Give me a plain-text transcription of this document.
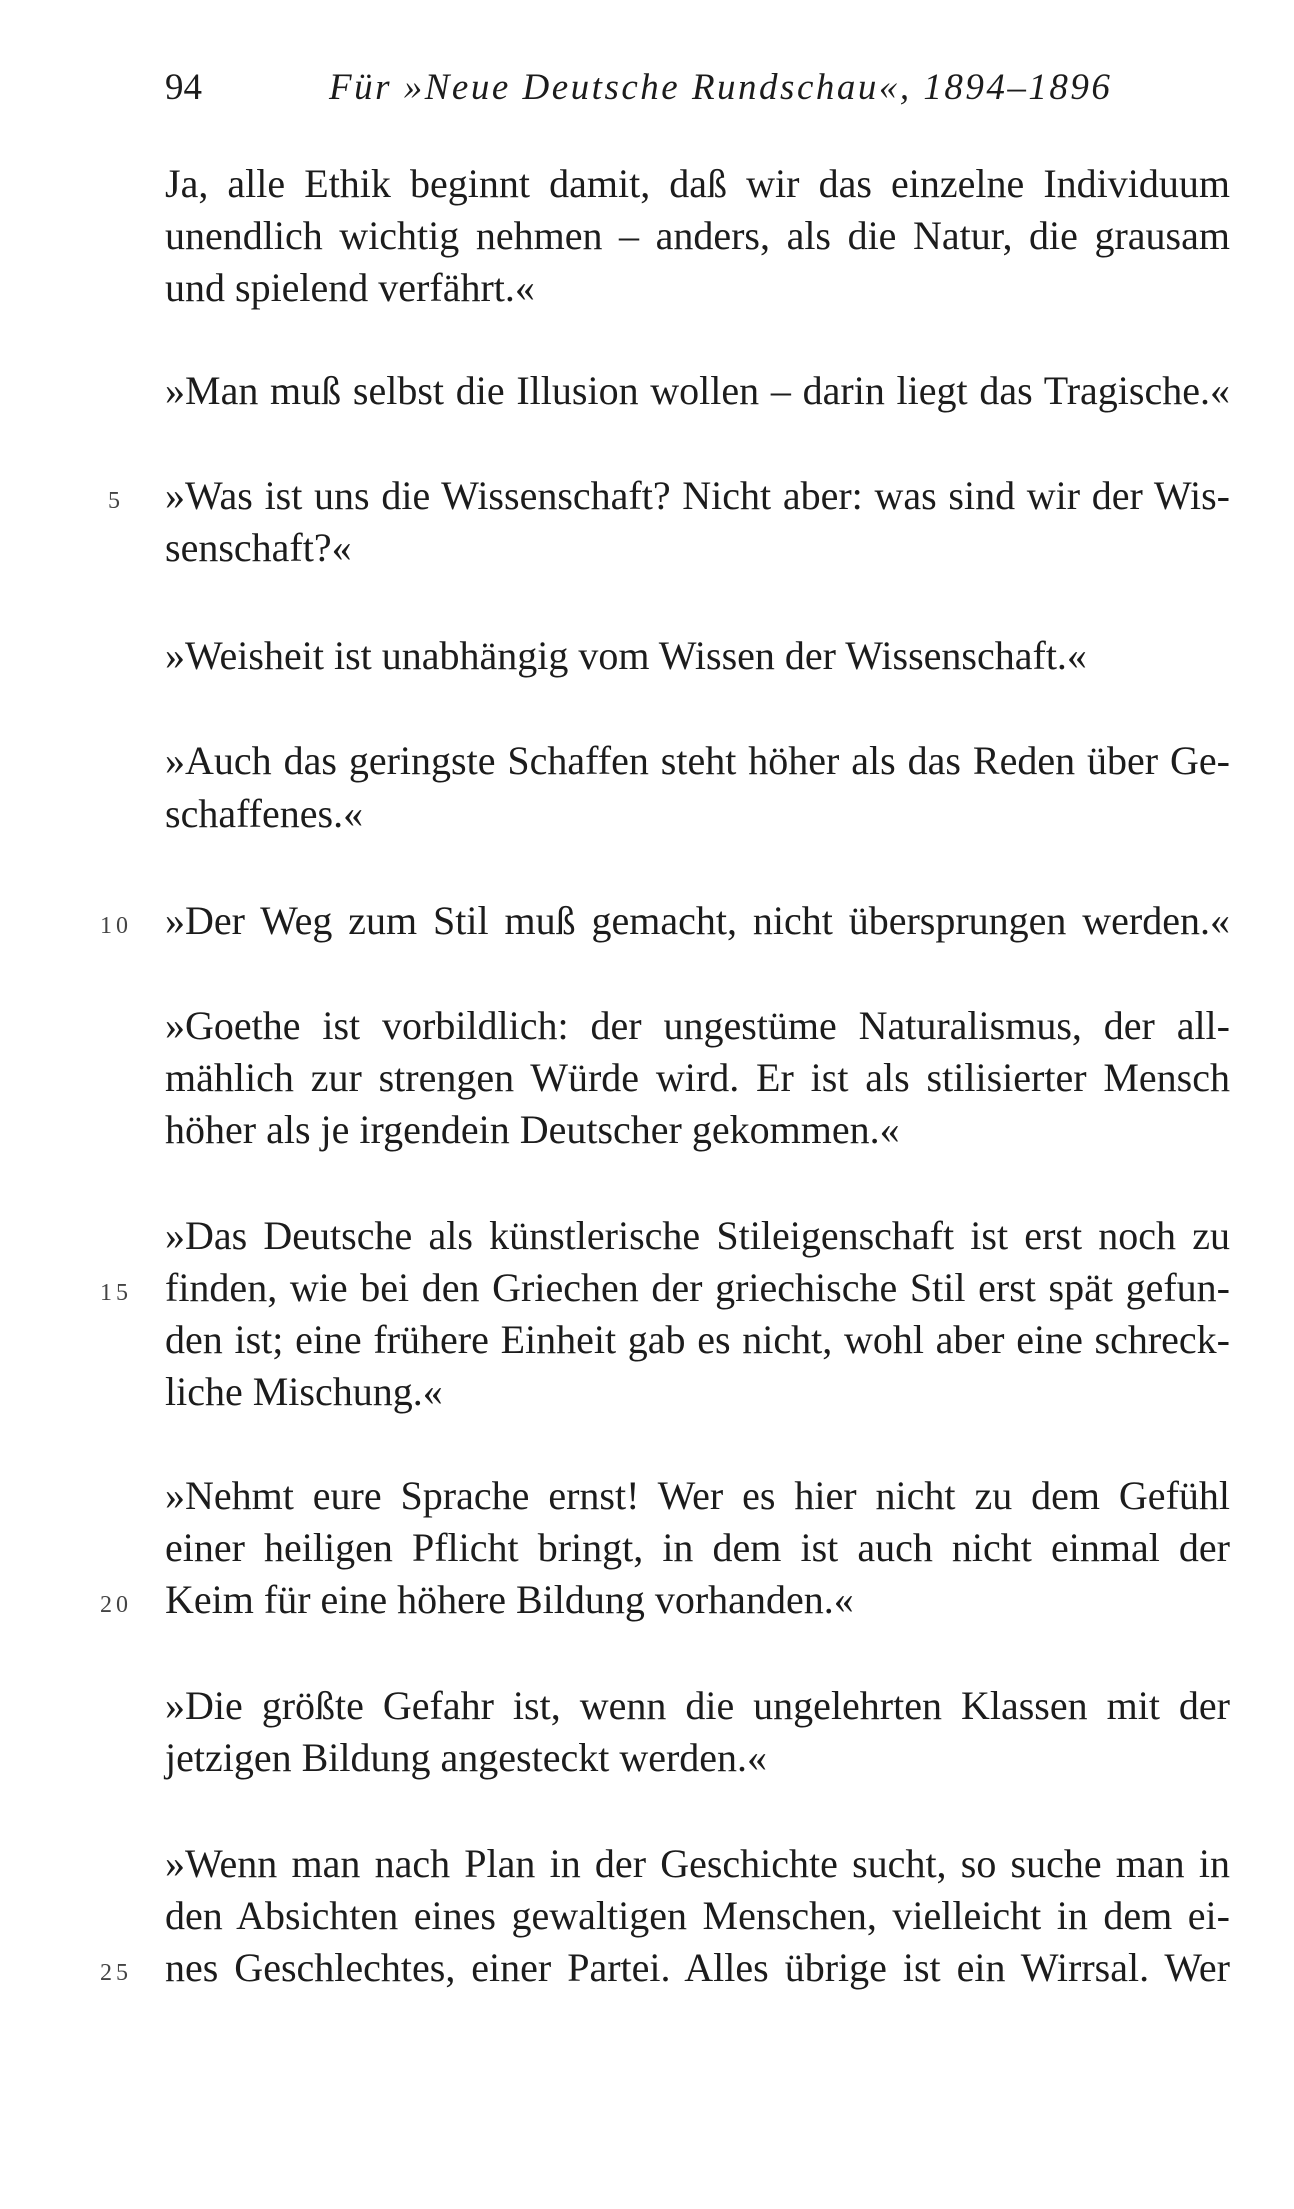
94	Für »Neue Deutsche Rundschau«, 1894–1896
Ja, alle Ethik beginnt damit, daß wir das einzelne Individuum
unendlich wichtig nehmen – anders, als die Natur, die grausam
und spielend verfährt.«
»Man muß selbst die Illusion wollen – darin liegt das Tragische.«
»Was ist uns die Wissenschaft? Nicht aber: was sind wir der Wis-
senschaft?«
»Weisheit ist unabhängig vom Wissen der Wissenschaft.«
»Auch das geringste Schaffen steht höher als das Reden über Ge-
schaffenes.«
»Der Weg zum Stil muß gemacht, nicht übersprungen werden.«
»Goethe ist vorbildlich: der ungestüme Naturalismus, der all-
mählich zur strengen Würde wird. Er ist als stilisierter Mensch
höher als je irgendein Deutscher gekommen.«
»Das Deutsche als künstlerische Stileigenschaft ist erst noch zu
finden, wie bei den Griechen der griechische Stil erst spät gefun-
den ist; eine frühere Einheit gab es nicht, wohl aber eine schreck-
liche Mischung.«
»Nehmt eure Sprache ernst! Wer es hier nicht zu dem Gefühl
einer heiligen Pflicht bringt, in dem ist auch nicht einmal der
Keim für eine höhere Bildung vorhanden.«
»Die größte Gefahr ist, wenn die ungelehrten Klassen mit der
jetzigen Bildung angesteckt werden.«
»Wenn man nach Plan in der Geschichte sucht, so suche man in
den Absichten eines gewaltigen Menschen, vielleicht in dem ei-
nes Geschlechtes, einer Partei. Alles übrige ist ein Wirrsal. Wer
5
10
15
20
25
